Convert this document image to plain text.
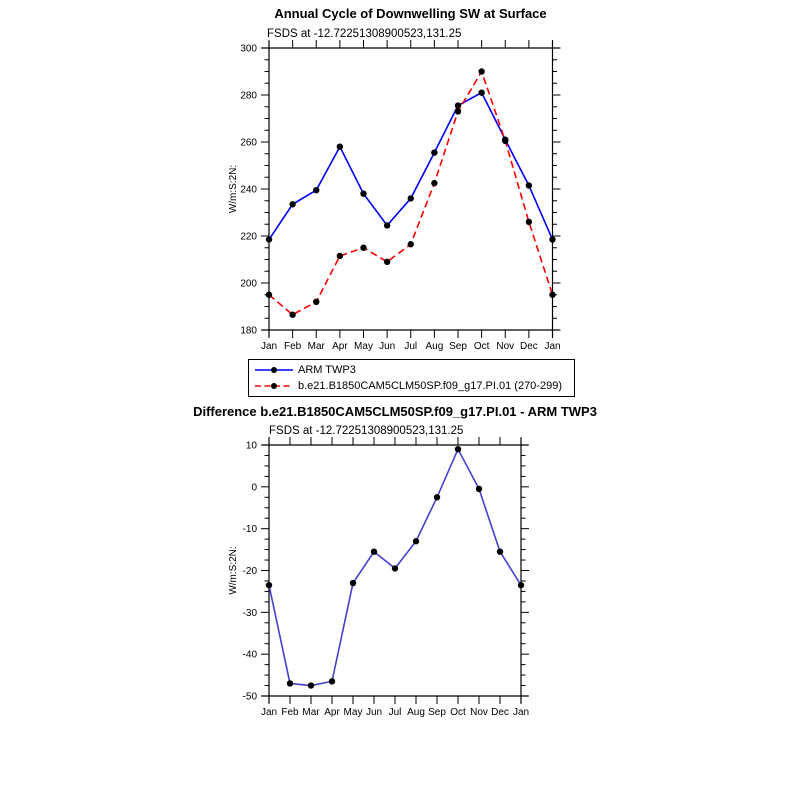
180
200
220
240
260
280
300
Jan Feb Mar Apr May Jun Jul Aug Sep Oct Nov Dec Jan
W/m:S:2N:
-50
-40
-30
-20
-10
0
10
Jan Feb Mar Apr May Jun Jul Aug Sep Oct Nov Dec Jan
W/m:S:2N:
Annual Cycle of Downwelling SW at Surface
FSDS at -12.72251308900523,131.25
ARM TWP3
b.e21.B1850CAM5CLM50SP.f09_g17.PI.01 (270-299)
Difference b.e21.B1850CAM5CLM50SP.f09_g17.PI.01 - ARM TWP3
FSDS at -12.72251308900523,131.25
